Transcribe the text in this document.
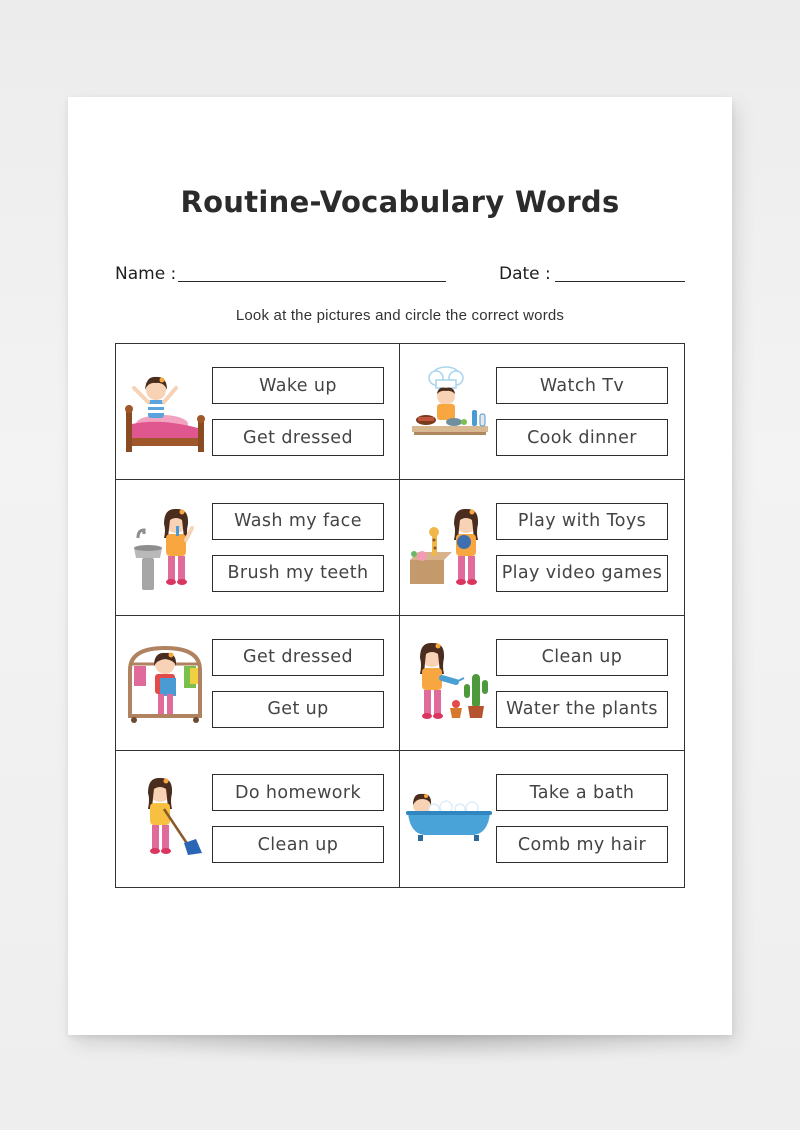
Routine-Vocabulary Words
Name :	Date :
Look at the pictures and circle the correct words
Wake up
Get dressed
Watch Tv
Cook dinner
Wash my face
Brush my teeth
Play with Toys
Play video games
Get dressed
Get up
Clean up
Water the plants
Do homework
Clean up
Take a bath
Comb my hair
